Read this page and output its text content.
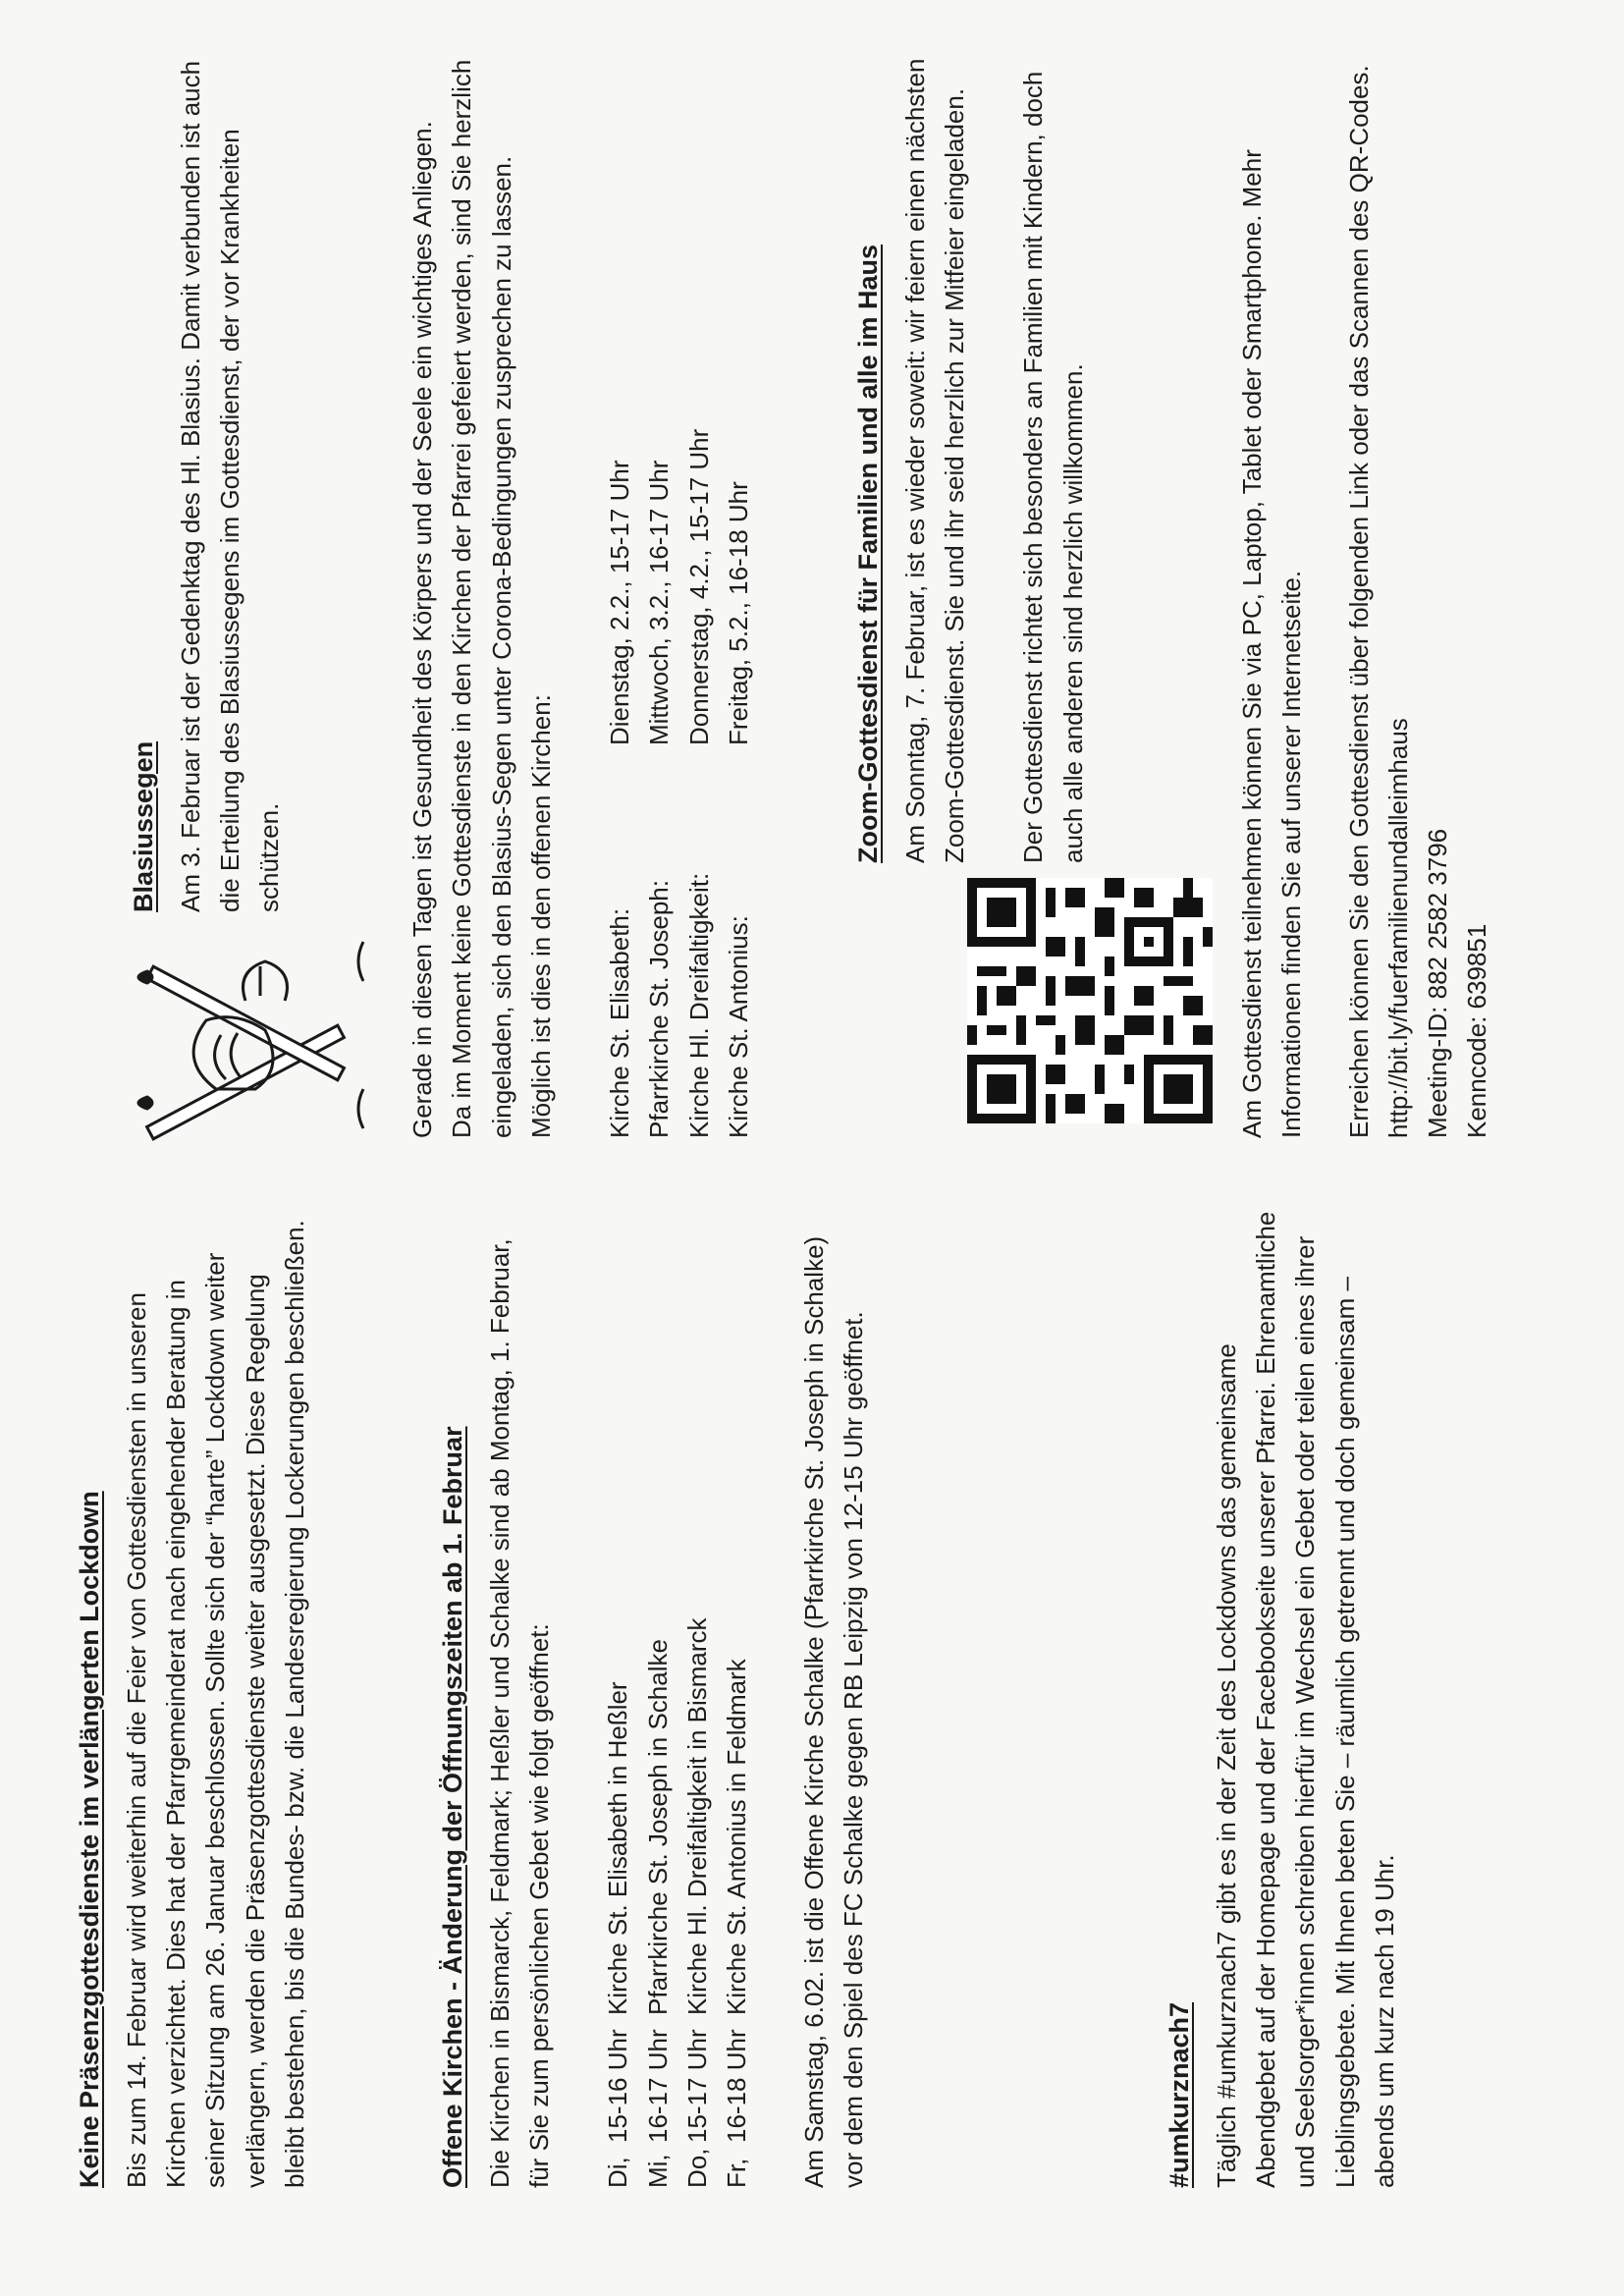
Keine Präsenzgottesdienste im verlängerten Lockdown Bis zum 14. Februar wird weiterhin auf die Feier von Gottesdiensten in unseren Kirchen verzichtet. Dies hat der Pfarrgemeinderat nach eingehender Beratung in seiner Sitzung am 26. Januar beschlossen. Sollte sich der “harte” Lockdown weiter verlängern, werden die Präsenzgottesdienste weiter ausgesetzt. Diese Regelung bleibt bestehen, bis die Bundes- bzw. die Landesregierung Lockerungen beschließen.	Offene Kirchen - Änderung der Öffnungszeiten ab 1. Februar Die Kirchen in Bismarck, Feldmark; Heßler und Schalke sind ab Montag, 1. Februar, für Sie zum persönlichen Gebet wie folgt geöffnet: Di,	15-16 Uhr	Kirche St. Elisabeth in Heßler
Mi,	16-17 Uhr	Pfarrkirche St. Joseph in Schalke
Do,	15-17 Uhr	Kirche Hl. Dreifaltigkeit in Bismarck
Fr,	16-18 Uhr	Kirche St. Antonius in Feldmark Am Samstag, 6.02. ist die Offene Kirche Schalke (Pfarrkirche St. Joseph in Schalke) vor dem den Spiel des FC Schalke gegen RB Leipzig von 12-15 Uhr geöffnet.	#umkurznach7 Täglich #umkurznach7 gibt es in der Zeit des Lockdowns das gemeinsame Abendgebet auf der Homepage und der Facebookseite unserer Pfarrei. Ehrenamtliche und Seelsorger*innen schreiben hierfür im Wechsel ein Gebet oder teilen eines ihrer Lieblingsgebete. Mit Ihnen beten Sie – räumlich getrennt und doch gemeinsam – abends um kurz nach 19 Uhr.

Blasiussegen Am 3. Februar ist der Gedenktag des Hl. Blasius. Damit verbunden ist auch die Erteilung des Blasiussegens im Gottesdienst, der vor Krankheiten schützen.

Gerade in diesen Tagen ist Gesundheit des Körpers und der Seele ein wichtiges Anliegen.
Da im Moment keine Gottesdienste in den Kirchen der Pfarrei gefeiert werden, sind Sie herzlich eingeladen, sich den Blasius-Segen unter Corona-Bedingungen zusprechen zu lassen.
Möglich ist dies in den offenen Kirchen:

Kirche St. Elisabeth:	Dienstag, 2.2., 15-17 Uhr
Pfarrkirche St. Joseph:	Mittwoch, 3.2., 16-17 Uhr
Kirche Hl. Dreifaltigkeit:	Donnerstag, 4.2., 15-17 Uhr
Kirche St. Antonius:	Freitag, 5.2., 16-18 Uhr	Zoom-Gottesdienst für Familien und alle im Haus Am Sonntag, 7. Februar, ist es wieder soweit: wir feiern einen nächsten Zoom-Gottesdienst. Sie und ihr seid herzlich zur Mitfeier eingeladen. Der Gottesdienst richtet sich besonders an Familien mit Kindern, doch auch alle anderen sind herzlich willkommen.	Am Gottesdienst teilnehmen können Sie via PC, Laptop, Tablet oder Smartphone. Mehr Informationen finden Sie auf unserer Internetseite. Erreichen können Sie den Gottesdienst über folgenden Link oder das Scannen des QR-Codes. http://bit.ly/fuerfamilienundalleimhaus Meeting-ID: 882 2582 3796 Kenncode: 639851
